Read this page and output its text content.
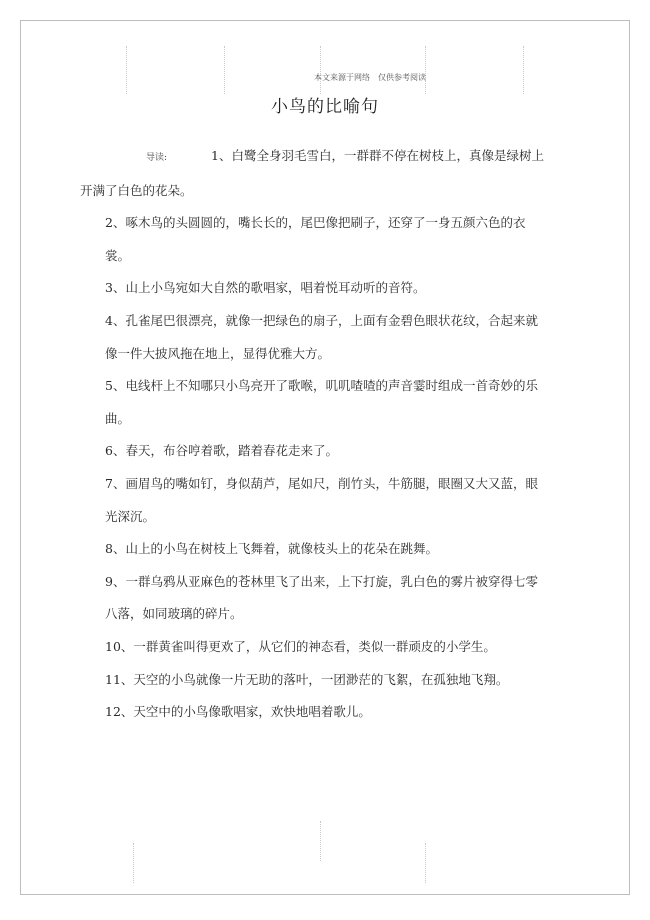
本文来源于网络　仅供参考阅读
小鸟的比喻句

导读:	1、白鹭全身羽毛雪白，一群群不停在树枝上，真像是绿树上开满了白色的花朵。

2、啄木鸟的头圆圆的，嘴长长的，尾巴像把刷子，还穿了一身五颜六色的衣裳。

3、山上小鸟宛如大自然的歌唱家，唱着悦耳动听的音符。

4、孔雀尾巴很漂亮，就像一把绿色的扇子，上面有金碧色眼状花纹，合起来就像一件大披风拖在地上，显得优雅大方。

5、电线杆上不知哪只小鸟亮开了歌喉，叽叽喳喳的声音霎时组成一首奇妙的乐曲。

6、春天，布谷哼着歌，踏着春花走来了。

7、画眉鸟的嘴如钉，身似葫芦，尾如尺，削竹头，牛筋腿，眼圈又大又蓝，眼光深沉。

8、山上的小鸟在树枝上飞舞着，就像枝头上的花朵在跳舞。

9、一群乌鸦从亚麻色的苍林里飞了出来，上下打旋，乳白色的雾片被穿得七零八落，如同玻璃的碎片。

10、一群黄雀叫得更欢了，从它们的神态看，类似一群顽皮的小学生。

11、天空的小鸟就像一片无助的落叶，一团渺茫的飞絮，在孤独地飞翔。

12、天空中的小鸟像歌唱家，欢快地唱着歌儿。
